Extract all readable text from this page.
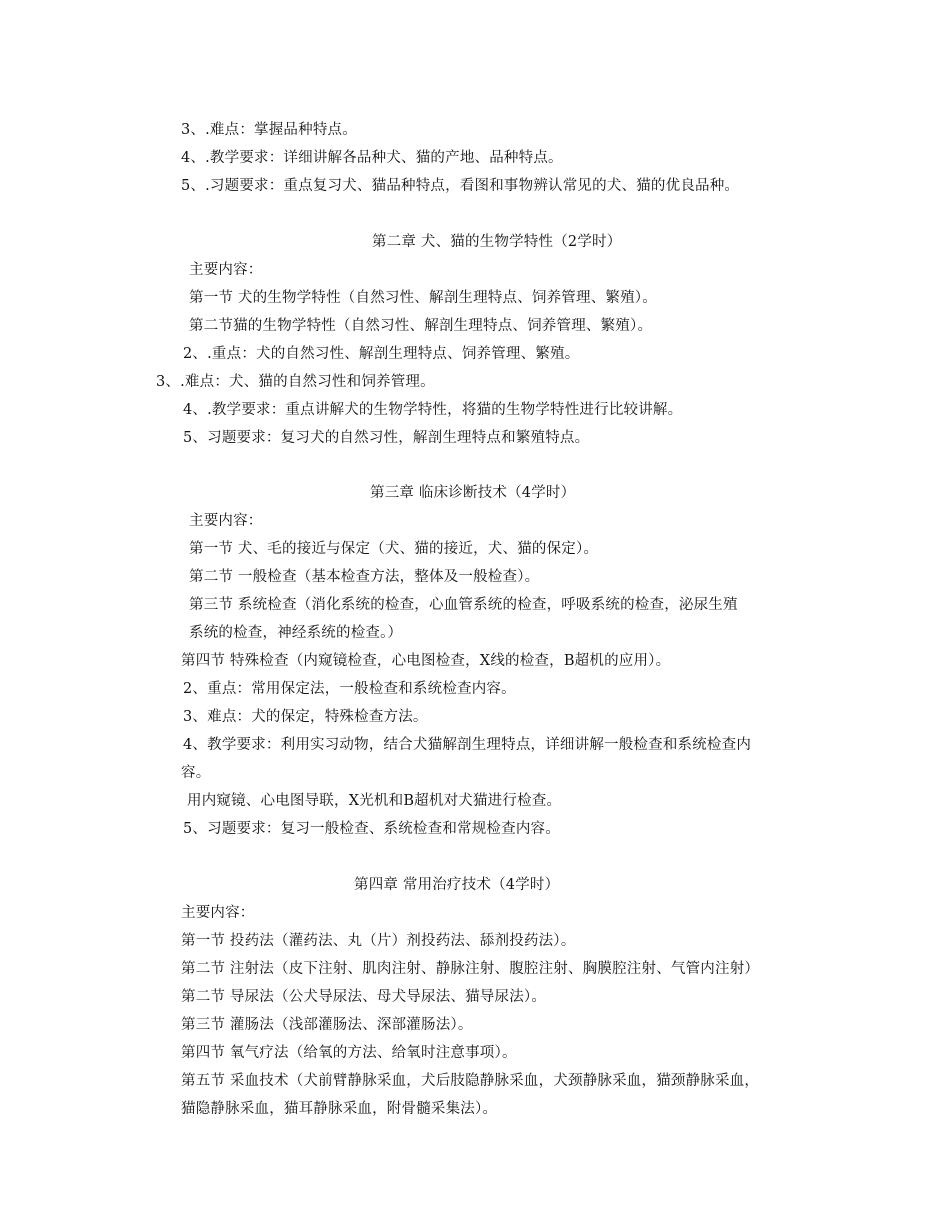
3、.难点：掌握品种特点。
4、.教学要求：详细讲解各品种犬、猫的产地、品种特点。
5、.习题要求：重点复习犬、猫品种特点，看图和事物辨认常见的犬、猫的优良品种。
第二章 犬、猫的生物学特性（2学时）
主要内容：
第一节 犬的生物学特性（自然习性、解剖生理特点、饲养管理、繁殖）。
第二节猫的生物学特性（自然习性、解剖生理特点、饲养管理、繁殖）。
2、.重点：犬的自然习性、解剖生理特点、饲养管理、繁殖。
3、.难点：犬、猫的自然习性和饲养管理。
4、.教学要求：重点讲解犬的生物学特性，将猫的生物学特性进行比较讲解。
5、习题要求：复习犬的自然习性，解剖生理特点和繁殖特点。
第三章 临床诊断技术（4学时）
主要内容：
第一节 犬、毛的接近与保定（犬、猫的接近，犬、猫的保定）。
第二节 一般检查（基本检查方法，整体及一般检查）。
第三节 系统检查（消化系统的检查，心血管系统的检查，呼吸系统的检查，泌尿生殖
系统的检查，神经系统的检查。）
第四节 特殊检查（内窥镜检查，心电图检查，X线的检查，B超机的应用）。
2、重点：常用保定法，一般检查和系统检查内容。
3、难点：犬的保定，特殊检查方法。
4、教学要求：利用实习动物，结合犬猫解剖生理特点，详细讲解一般检查和系统检查内
容。
用内窥镜、心电图导联，X光机和B超机对犬猫进行检查。
5、习题要求：复习一般检查、系统检查和常规检查内容。
第四章 常用治疗技术（4学时）
主要内容：
第一节 投药法（灌药法、丸（片）剂投药法、舔剂投药法）。
第二节 注射法（皮下注射、肌肉注射、静脉注射、腹腔注射、胸膜腔注射、气管内注射）
第二节 导尿法（公犬导尿法、母犬导尿法、猫导尿法）。
第三节 灌肠法（浅部灌肠法、深部灌肠法）。
第四节 氧气疗法（给氧的方法、给氧时注意事项）。
第五节 采血技术（犬前臂静脉采血，犬后肢隐静脉采血，犬颈静脉采血，猫颈静脉采血，
猫隐静脉采血，猫耳静脉采血，附骨髓采集法）。
